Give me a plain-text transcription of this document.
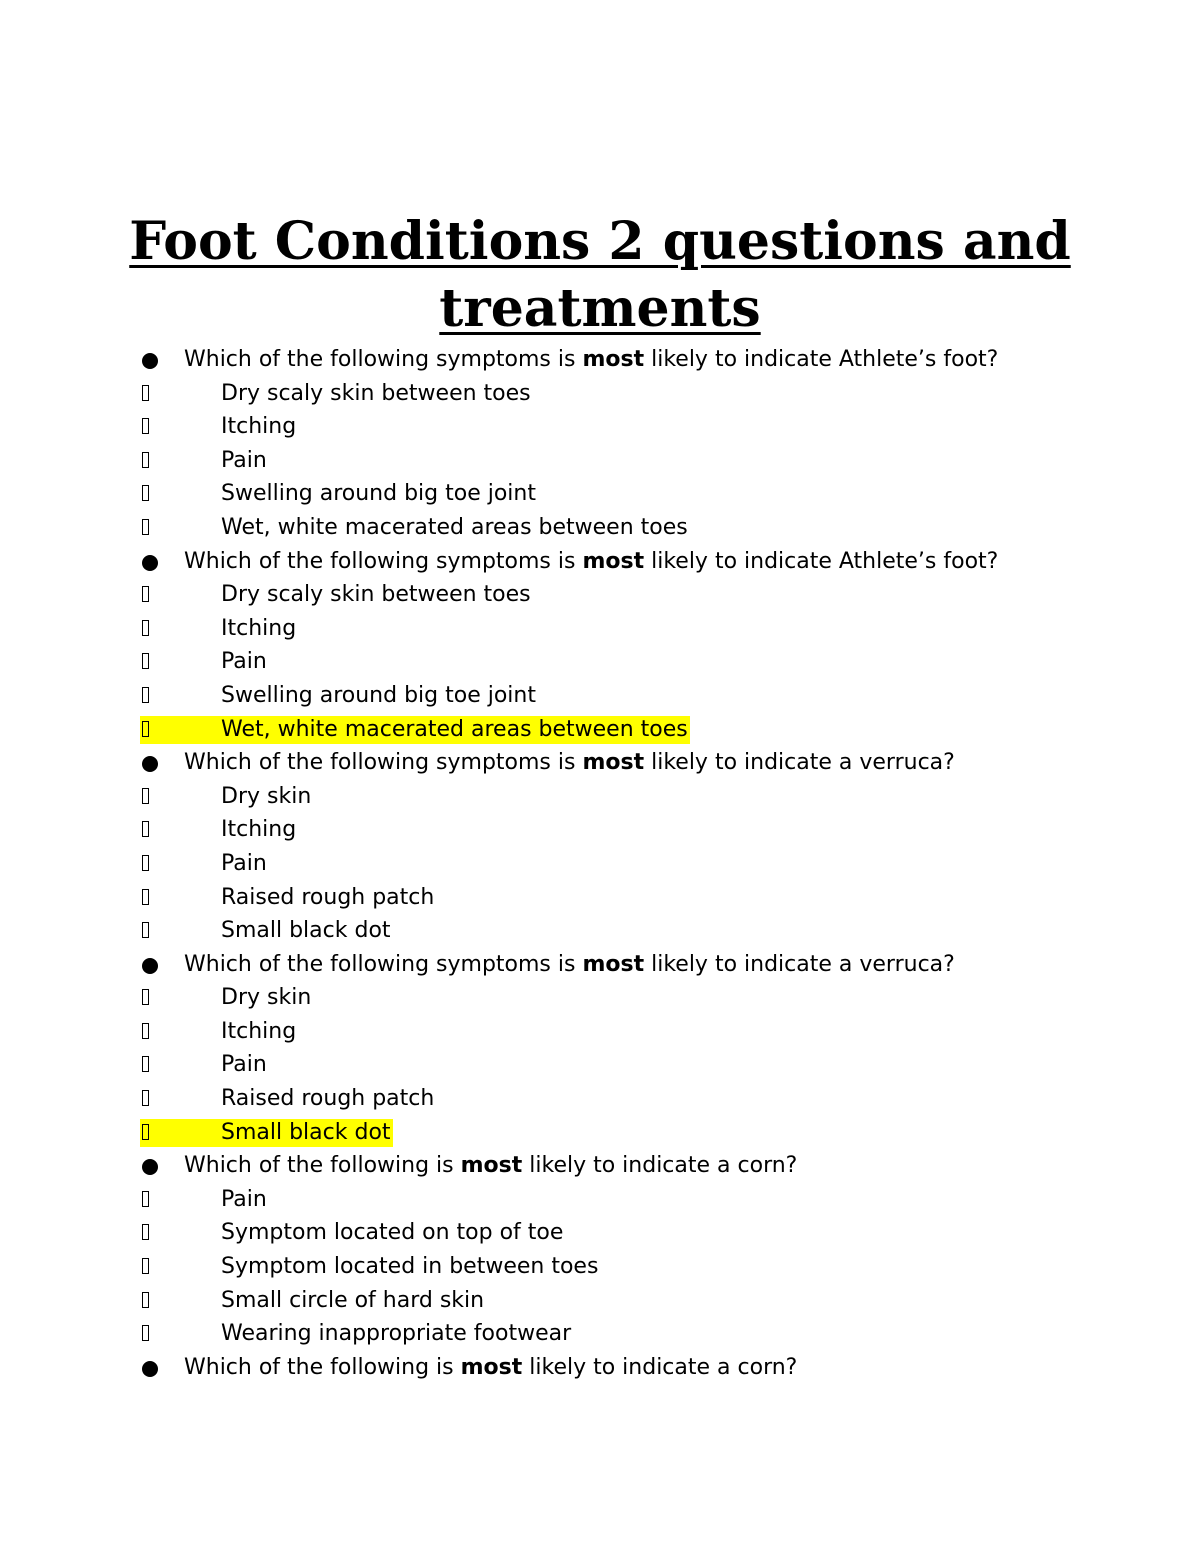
Foot Conditions 2 questions and
treatments
Which of the following symptoms is most likely to indicate Athlete’s foot?
Dry scaly skin between toes
Itching
Pain
Swelling around big toe joint
Wet, white macerated areas between toes
Which of the following symptoms is most likely to indicate Athlete’s foot?
Dry scaly skin between toes
Itching
Pain
Swelling around big toe joint
Wet, white macerated areas between toes
Which of the following symptoms is most likely to indicate a verruca?
Dry skin
Itching
Pain
Raised rough patch
Small black dot
Which of the following symptoms is most likely to indicate a verruca?
Dry skin
Itching
Pain
Raised rough patch
Small black dot
Which of the following is most likely to indicate a corn?
Pain
Symptom located on top of toe
Symptom located in between toes
Small circle of hard skin
Wearing inappropriate footwear
Which of the following is most likely to indicate a corn?
